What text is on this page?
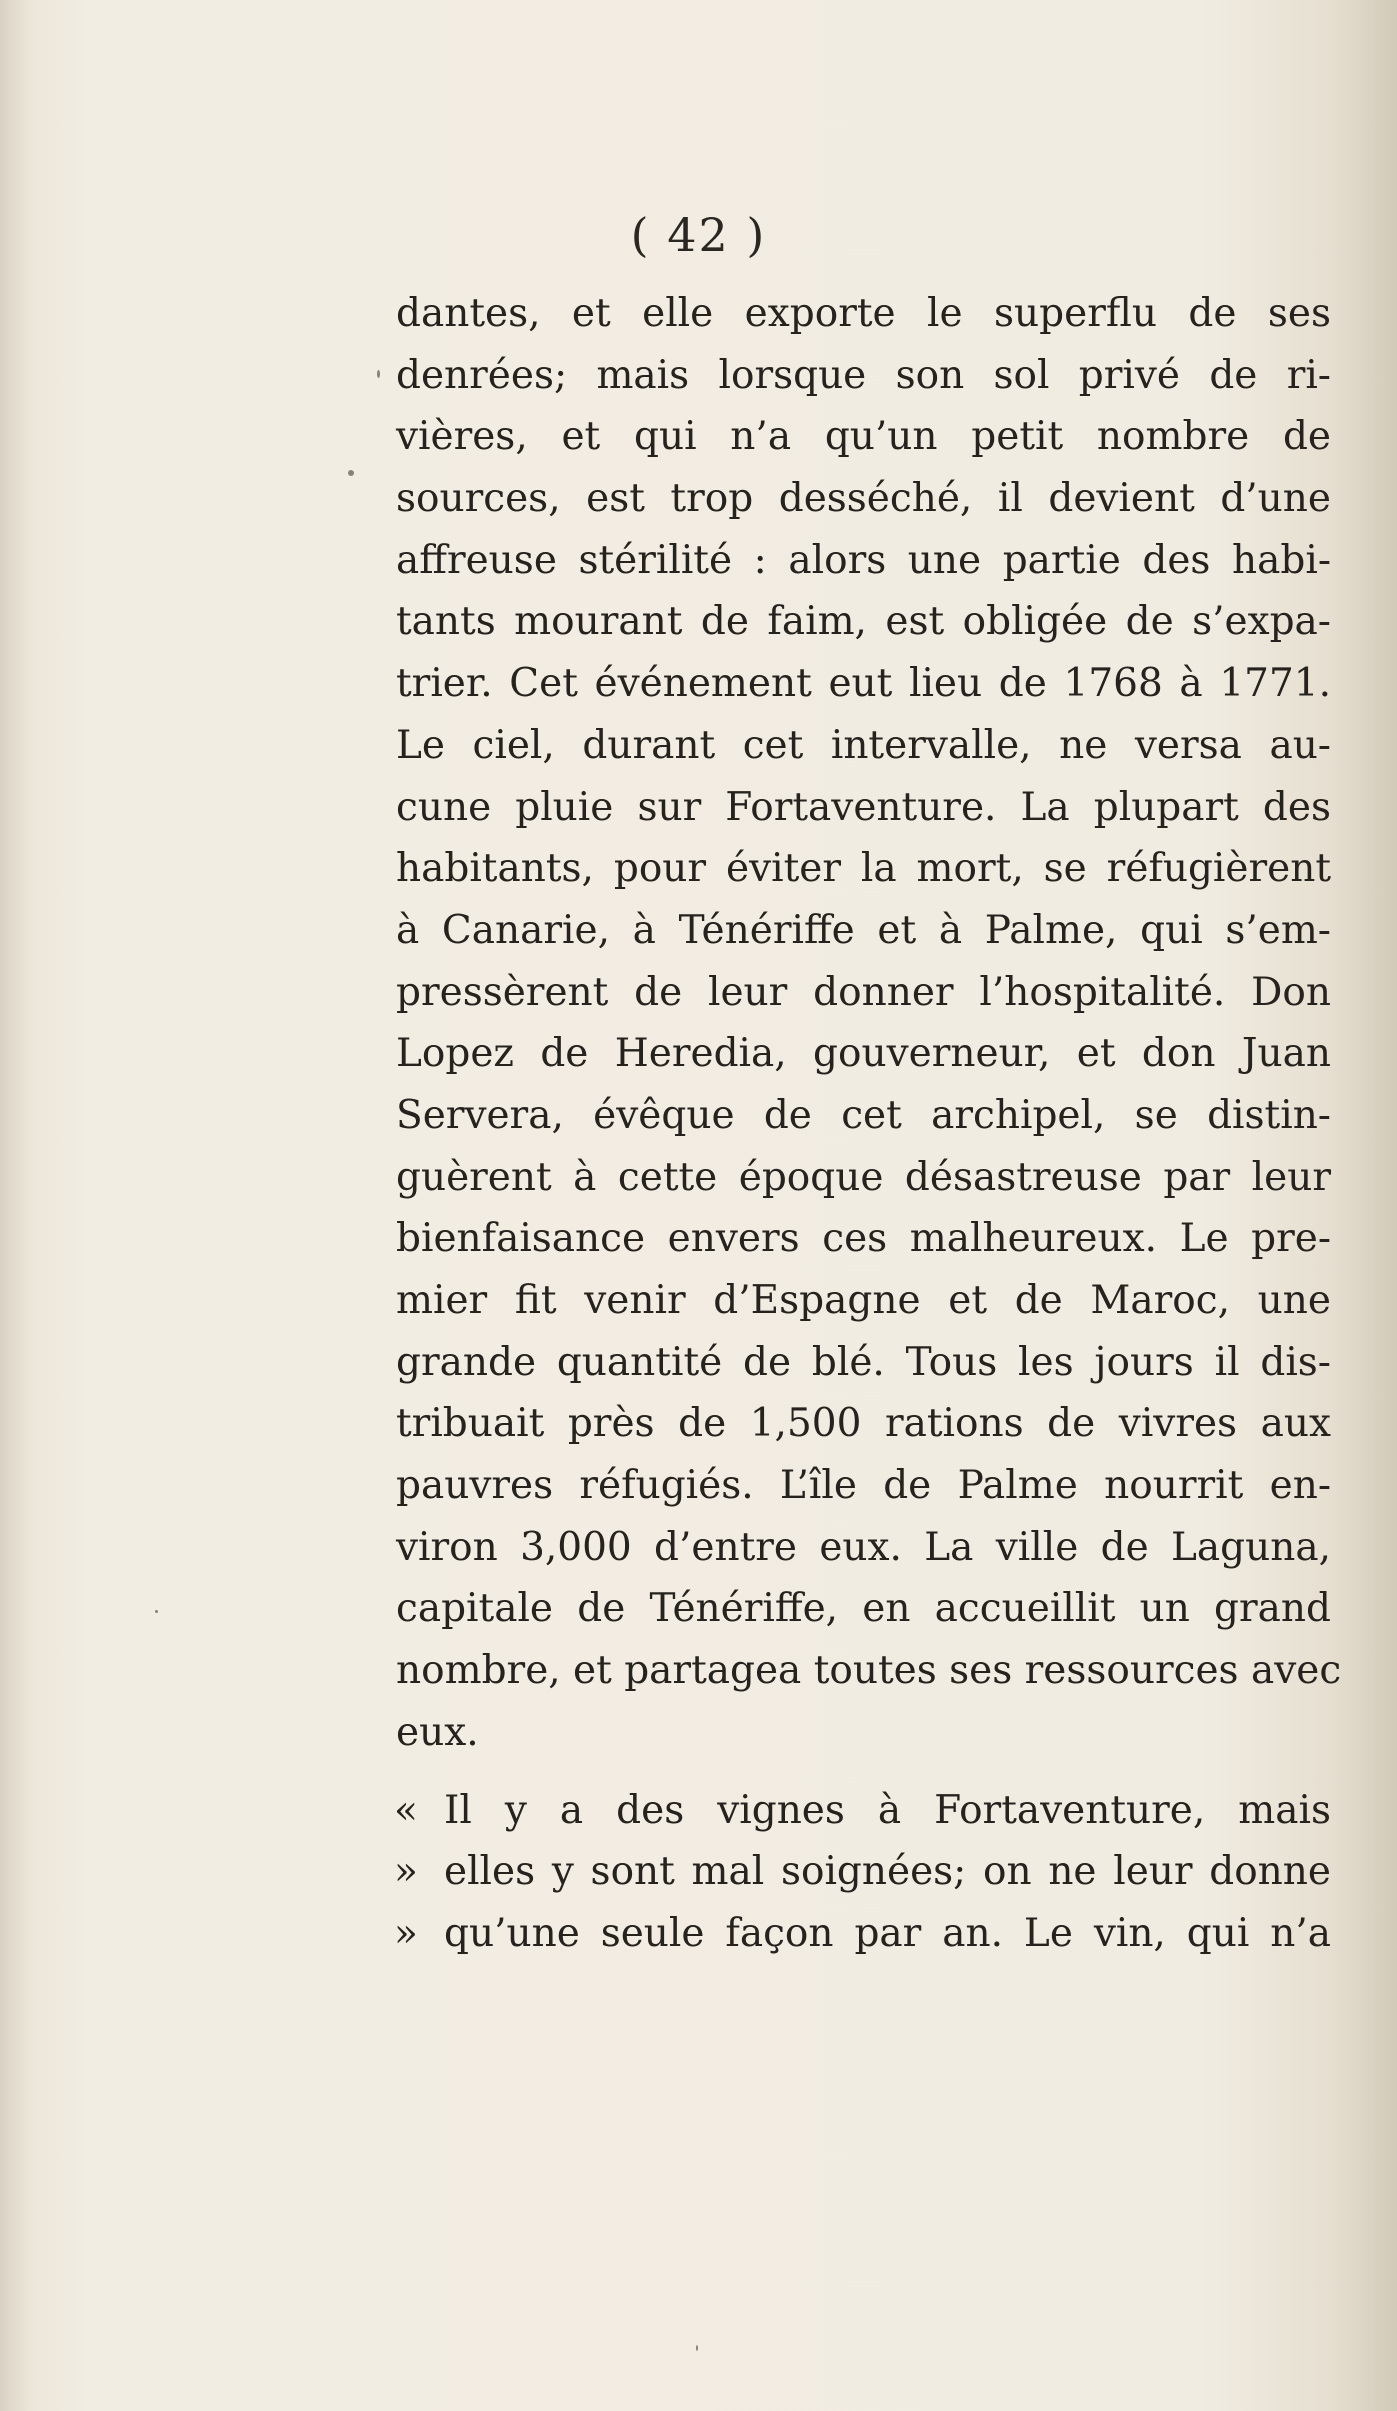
( 42 )
dantes, et elle exporte le superflu de ses
denrées; mais lorsque son sol privé de ri-
vières, et qui n’a qu’un petit nombre de
sources, est trop desséché, il devient d’une
affreuse stérilité : alors une partie des habi-
tants mourant de faim, est obligée de s’expa-
trier. Cet événement eut lieu de 1768 à 1771.
Le ciel, durant cet intervalle, ne versa au-
cune pluie sur Fortaventure. La plupart des
habitants, pour éviter la mort, se réfugièrent
à Canarie, à Ténériffe et à Palme, qui s’em-
pressèrent de leur donner l’hospitalité. Don
Lopez de Heredia, gouverneur, et don Juan
Servera, évêque de cet archipel, se distin-
guèrent à cette époque désastreuse par leur
bienfaisance envers ces malheureux. Le pre-
mier fit venir d’Espagne et de Maroc, une
grande quantité de blé. Tous les jours il dis-
tribuait près de 1,500 rations de vivres aux
pauvres réfugiés. L’île de Palme nourrit en-
viron 3,000 d’entre eux. La ville de Laguna,
capitale de Ténériffe, en accueillit un grand
nombre, et partagea toutes ses ressources avec
eux.
« Il y a des vignes à Fortaventure, mais
» elles y sont mal soignées; on ne leur donne
» qu’une seule façon par an. Le vin, qui n’a
